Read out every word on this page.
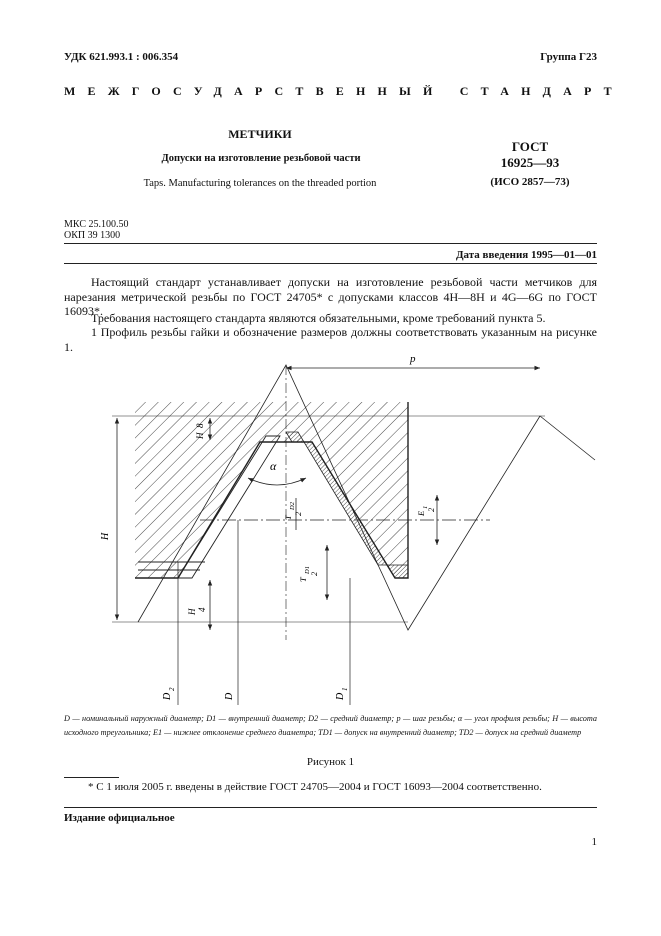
УДК 621.993.1 : 006.354	Группа Г23
МЕЖГОСУДАРСТВЕННЫЙ СТАНДАРТ
МЕТЧИКИ
Допуски на изготовление резьбовой части
Taps. Manufacturing tolerances on the threaded portion
ГОСТ
16925—93
(ИСО 2857—73)
МКС 25.100.50
ОКП 39 1300
Дата введения 1995—01—01
Настоящий стандарт устанавливает допуски на изготовление резьбовой части метчиков для нарезания метрической резьбы по ГОСТ 24705* с допусками классов 4H—8H и 4G—6G по ГОСТ 16093*.
Требования настоящего стандарта являются обязательными, кроме требований пункта 5.
1 Профиль резьбы гайки и обозначение размеров должны соответствовать указанным на рисунке 1.
p
H
H
8
α
T
D2
2	E
1
2
T
D1
2
H 4
D
2
D	D
1
D — номинальный наружный диаметр; D1 — внутренний диаметр; D2 — средний диаметр; p — шаг резьбы; α — угол профиля резьбы; H — высота исходного треугольника; E1 — нижнее отклонение среднего диаметра; TD1 — допуск на внутренний диаметр; TD2 — допуск на средний диаметр
Рисунок 1
* С 1 июля 2005 г. введены в действие ГОСТ 24705—2004 и ГОСТ 16093—2004 соответственно.
Издание официальное
1
